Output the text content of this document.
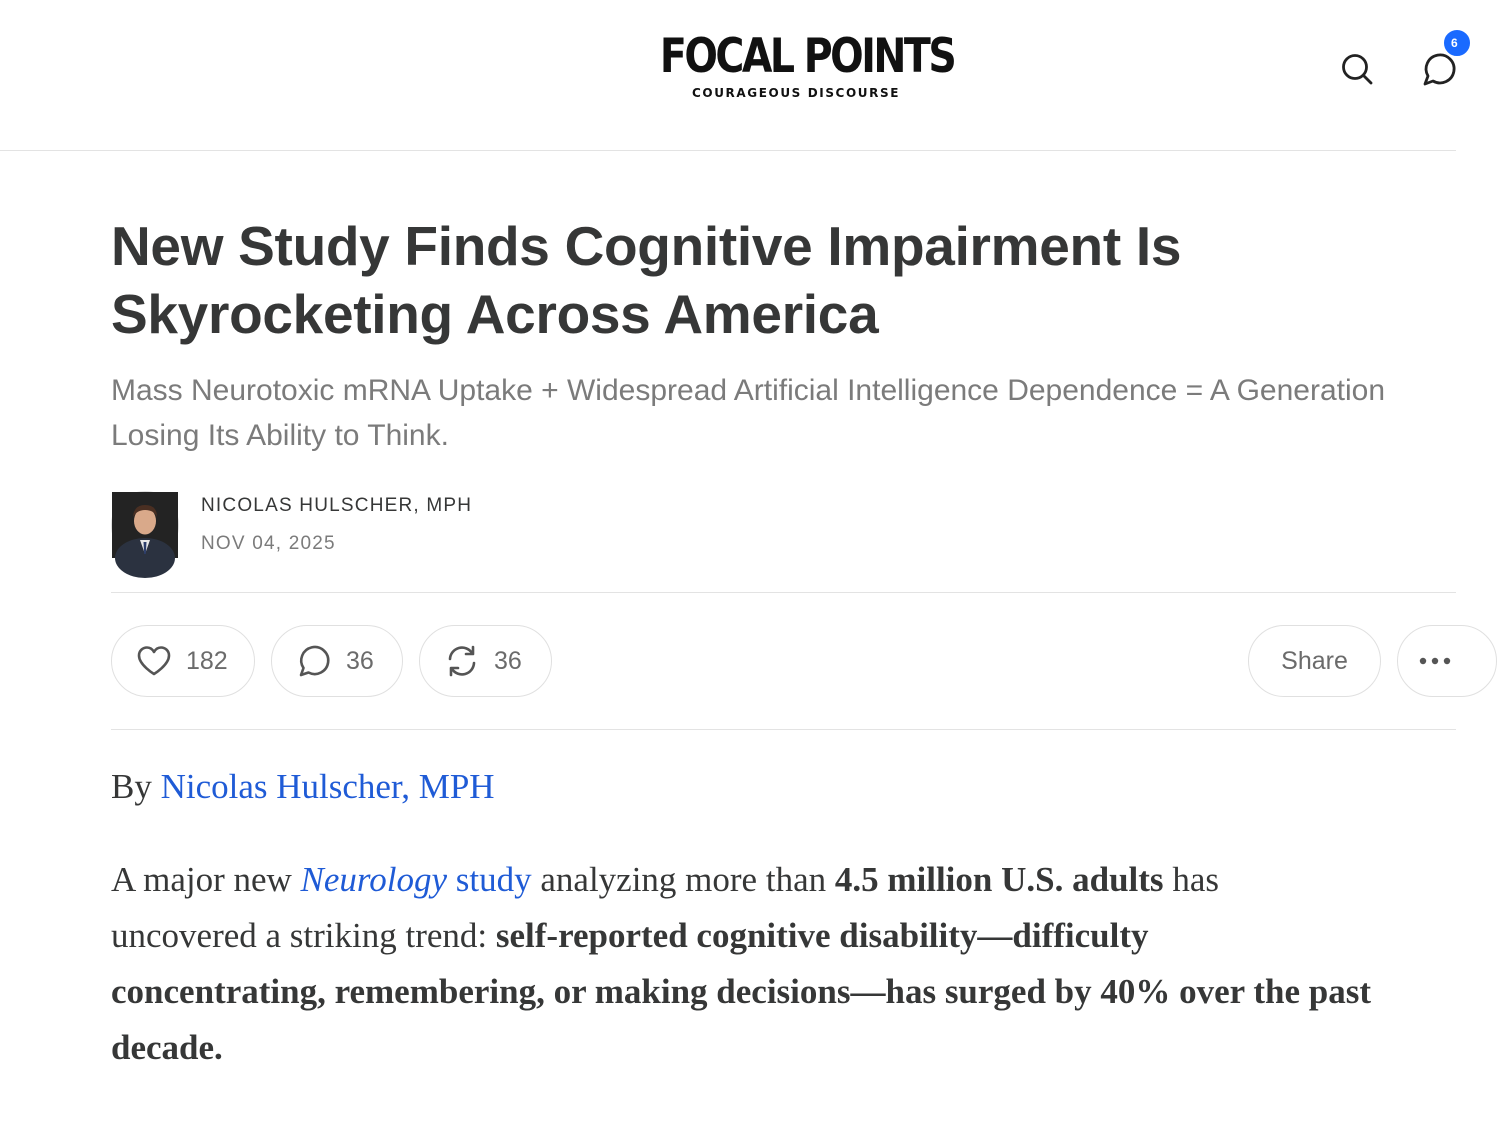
FOCAL POINTS
COURAGEOUS DISCOURSE
6
New Study Finds Cognitive Impairment Is Skyrocketing Across America

Mass Neurotoxic mRNA Uptake + Widespread Artificial Intelligence Dependence = A Generation Losing Its Ability to Think.

NICOLAS HULSCHER, MPH
NOV 04, 2025
182	36	36	Share
By Nicolas Hulscher, MPH

A major new Neurology study analyzing more than 4.5 million U.S. adults has
uncovered a striking trend: self-reported cognitive disability—difficulty
concentrating, remembering, or making decisions—has surged by 40% over the past
decade.
